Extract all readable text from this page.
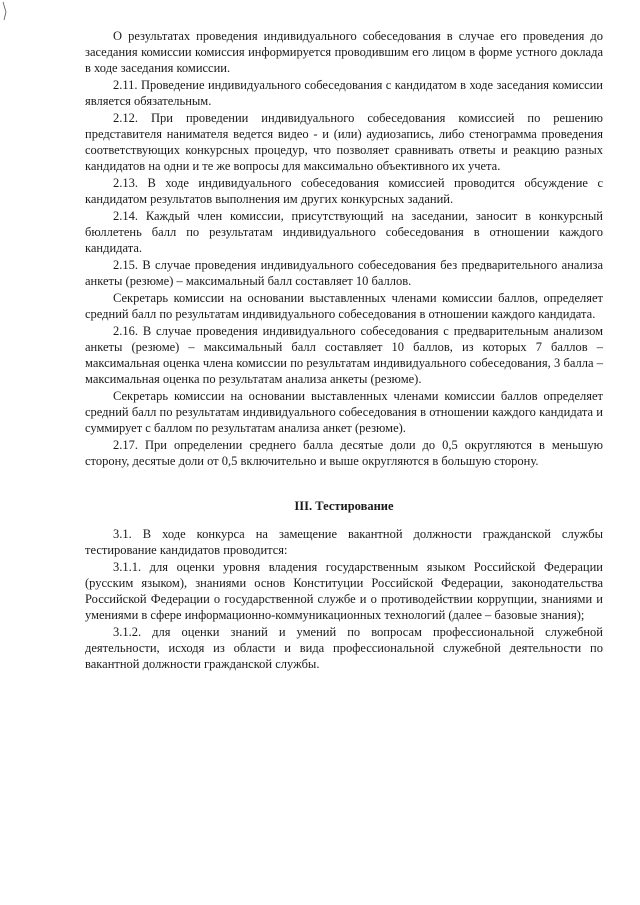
О результатах проведения индивидуального собеседования в случае его проведения до заседания комиссии комиссия информируется проводившим его лицом в форме устного доклада в ходе заседания комиссии.

2.11. Проведение индивидуального собеседования с кандидатом в ходе заседания комиссии является обязательным.

2.12. При проведении индивидуального собеседования комиссией по решению представителя нанимателя ведется видео - и (или) аудиозапись, либо стенограмма проведения соответствующих конкурсных процедур, что позволяет сравнивать ответы и реакцию разных кандидатов на одни и те же вопросы для максимально объективного их учета.

2.13. В ходе индивидуального собеседования комиссией проводится обсуждение с кандидатом результатов выполнения им других конкурсных заданий.

2.14. Каждый член комиссии, присутствующий на заседании, заносит в конкурсный бюллетень балл по результатам индивидуального собеседования в отношении каждого кандидата.

2.15. В случае проведения индивидуального собеседования без предварительного анализа анкеты (резюме) – максимальный балл составляет 10 баллов.

Секретарь комиссии на основании выставленных членами комиссии баллов, определяет средний балл по результатам индивидуального собеседования в отношении каждого кандидата.

2.16. В случае проведения индивидуального собеседования с предварительным анализом анкеты (резюме) – максимальный балл составляет 10 баллов, из которых 7 баллов – максимальная оценка члена комиссии по результатам индивидуального собеседования, 3 балла – максимальная оценка по результатам анализа анкеты (резюме).

Секретарь комиссии на основании выставленных членами комиссии баллов определяет средний балл по результатам индивидуального собеседования в отношении каждого кандидата и суммирует с баллом по результатам анализа анкет (резюме).

2.17. При определении среднего балла десятые доли до 0,5 округляются в меньшую сторону, десятые доли от 0,5 включительно и выше округляются в большую сторону.

III. Тестирование

3.1. В ходе конкурса на замещение вакантной должности гражданской службы тестирование кандидатов проводится:

3.1.1. для оценки уровня владения государственным языком Российской Федерации (русским языком), знаниями основ Конституции Российской Федерации, законодательства Российской Федерации о государственной службе и о противодействии коррупции, знаниями и умениями в сфере информационно-коммуникационных технологий (далее – базовые знания);

3.1.2. для оценки знаний и умений по вопросам профессиональной служебной деятельности, исходя из области и вида профессиональной служебной деятельности по вакантной должности гражданской службы.
